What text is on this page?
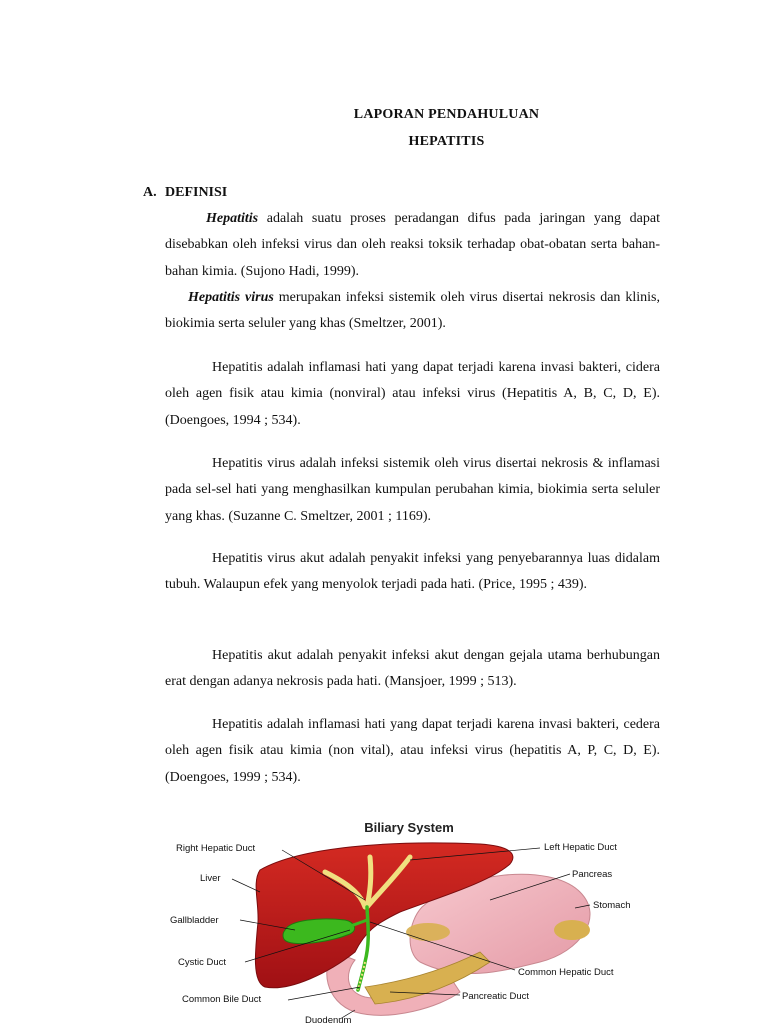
LAPORAN PENDAHULUAN
HEPATITIS
A. DEFINISI

Hepatitis adalah suatu proses peradangan difus pada jaringan yang dapat disebabkan oleh infeksi virus dan oleh reaksi toksik terhadap obat-obatan serta bahan-bahan kimia. (Sujono Hadi, 1999).

Hepatitis virus merupakan infeksi sistemik oleh virus disertai nekrosis dan klinis, biokimia serta seluler yang khas (Smeltzer, 2001).

Hepatitis adalah inflamasi hati yang dapat terjadi karena invasi bakteri, cidera oleh agen fisik atau kimia (nonviral) atau infeksi virus (Hepatitis A, B, C, D, E). (Doengoes, 1994 ; 534).

Hepatitis virus adalah infeksi sistemik oleh virus disertai nekrosis & inflamasi pada sel-sel hati yang menghasilkan kumpulan perubahan kimia, biokimia serta seluler yang khas. (Suzanne C. Smeltzer, 2001 ; 1169).

Hepatitis virus akut adalah penyakit infeksi yang penyebarannya luas didalam tubuh. Walaupun efek yang menyolok terjadi pada hati. (Price, 1995 ; 439).

Hepatitis akut adalah penyakit infeksi akut dengan gejala utama berhubungan erat dengan adanya nekrosis pada hati. (Mansjoer, 1999 ; 513).

Hepatitis adalah inflamasi hati yang dapat terjadi karena invasi bakteri, cedera oleh agen fisik atau kimia (non vital), atau infeksi virus (hepatitis A, P, C, D, E). (Doengoes, 1999 ; 534).

Biliary System
Right Hepatic Duct
Liver
Gallbladder
Cystic Duct
Common Bile Duct
Duodenum
Left Hepatic Duct
Pancreas
Stomach
Common Hepatic Duct
Pancreatic Duct
